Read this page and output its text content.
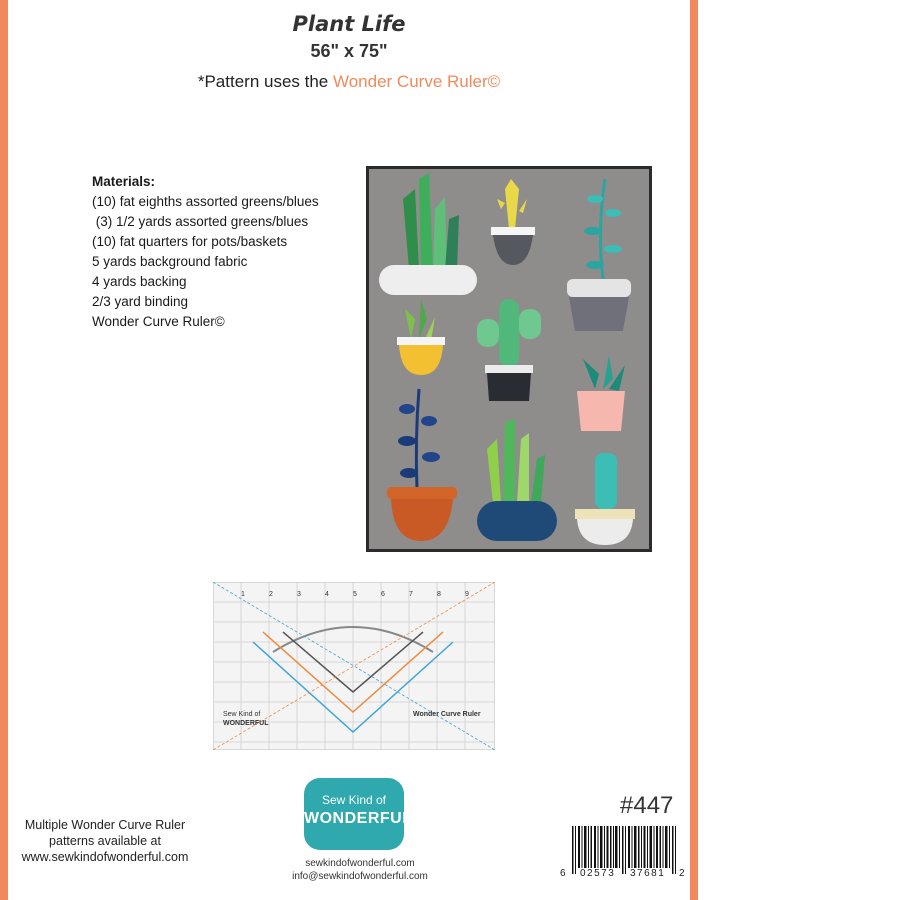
Plant Life
56" x 75"
*Pattern uses the Wonder Curve Ruler©
Materials:
(10) fat eighths assorted greens/blues
(3) 1/2 yards assorted greens/blues
(10) fat quarters for pots/baskets
5 yards background fabric
4 yards backing
2/3 yard binding
Wonder Curve Ruler©
1	2	3	4	5	6	7	8	9
Sew Kind of
WONDERFUL
Wonder Curve Ruler
Sew Kind of
WONDERFUL
sewkindofwonderful.com
info@sewkindofwonderful.com
Multiple Wonder Curve Ruler
patterns available at
www.sewkindofwonderful.com
#447
6 02573 37681 2
